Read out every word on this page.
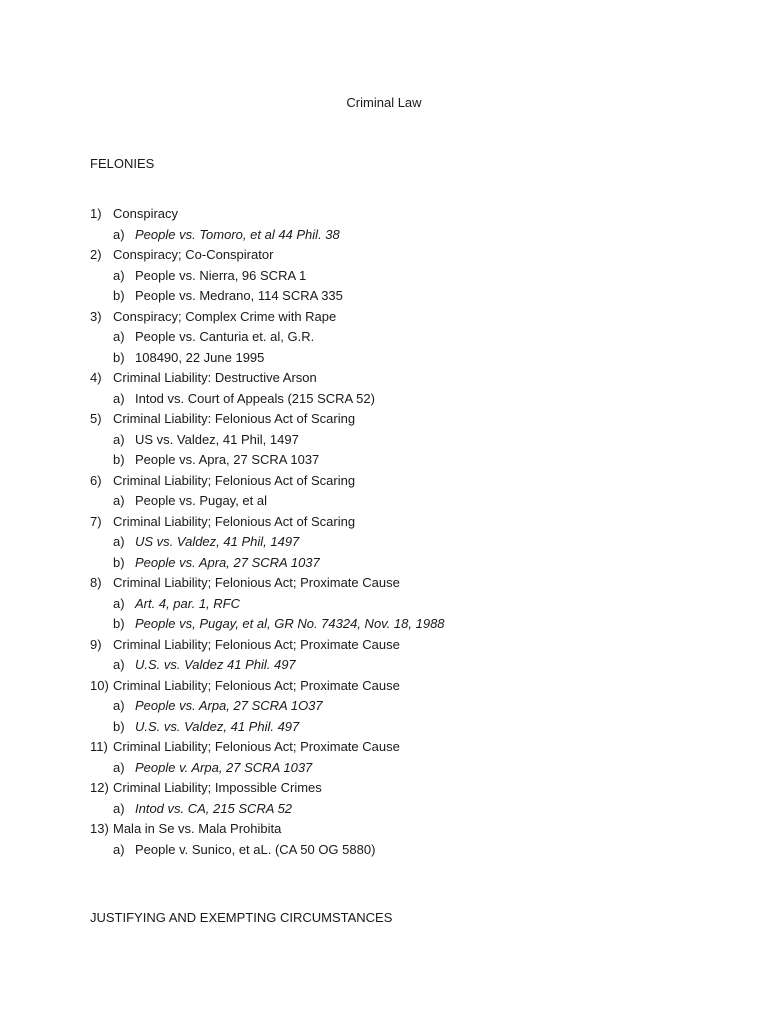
Criminal Law
FELONIES
1) Conspiracy
a) People vs. Tomoro, et al 44 Phil. 38
2) Conspiracy; Co-Conspirator
a) People vs. Nierra, 96 SCRA 1
b) People vs. Medrano, 114 SCRA 335
3) Conspiracy; Complex Crime with Rape
a) People vs. Canturia et. al, G.R.
b) 108490, 22 June 1995
4) Criminal Liability: Destructive Arson
a) Intod vs. Court of Appeals (215 SCRA 52)
5) Criminal Liability: Felonious Act of Scaring
a) US vs. Valdez, 41 Phil, 1497
b) People vs. Apra, 27 SCRA 1037
6) Criminal Liability; Felonious Act of Scaring
a) People vs. Pugay, et al
7) Criminal Liability; Felonious Act of Scaring
a) US vs. Valdez, 41 Phil, 1497
b) People vs. Apra, 27 SCRA 1037
8) Criminal Liability; Felonious Act; Proximate Cause
a) Art. 4, par. 1, RFC
b) People vs, Pugay, et al, GR No. 74324, Nov. 18, 1988
9) Criminal Liability; Felonious Act; Proximate Cause
a) U.S. vs. Valdez 41 Phil. 497
10) Criminal Liability; Felonious Act; Proximate Cause
a) People vs. Arpa, 27 SCRA 1O37
b) U.S. vs. Valdez, 41 Phil. 497
11) Criminal Liability; Felonious Act; Proximate Cause
a) People v. Arpa, 27 SCRA 1037
12) Criminal Liability; Impossible Crimes
a) Intod vs. CA, 215 SCRA 52
13) Mala in Se vs. Mala Prohibita
a) People v. Sunico, et aL. (CA 50 OG 5880)
JUSTIFYING AND EXEMPTING CIRCUMSTANCES
